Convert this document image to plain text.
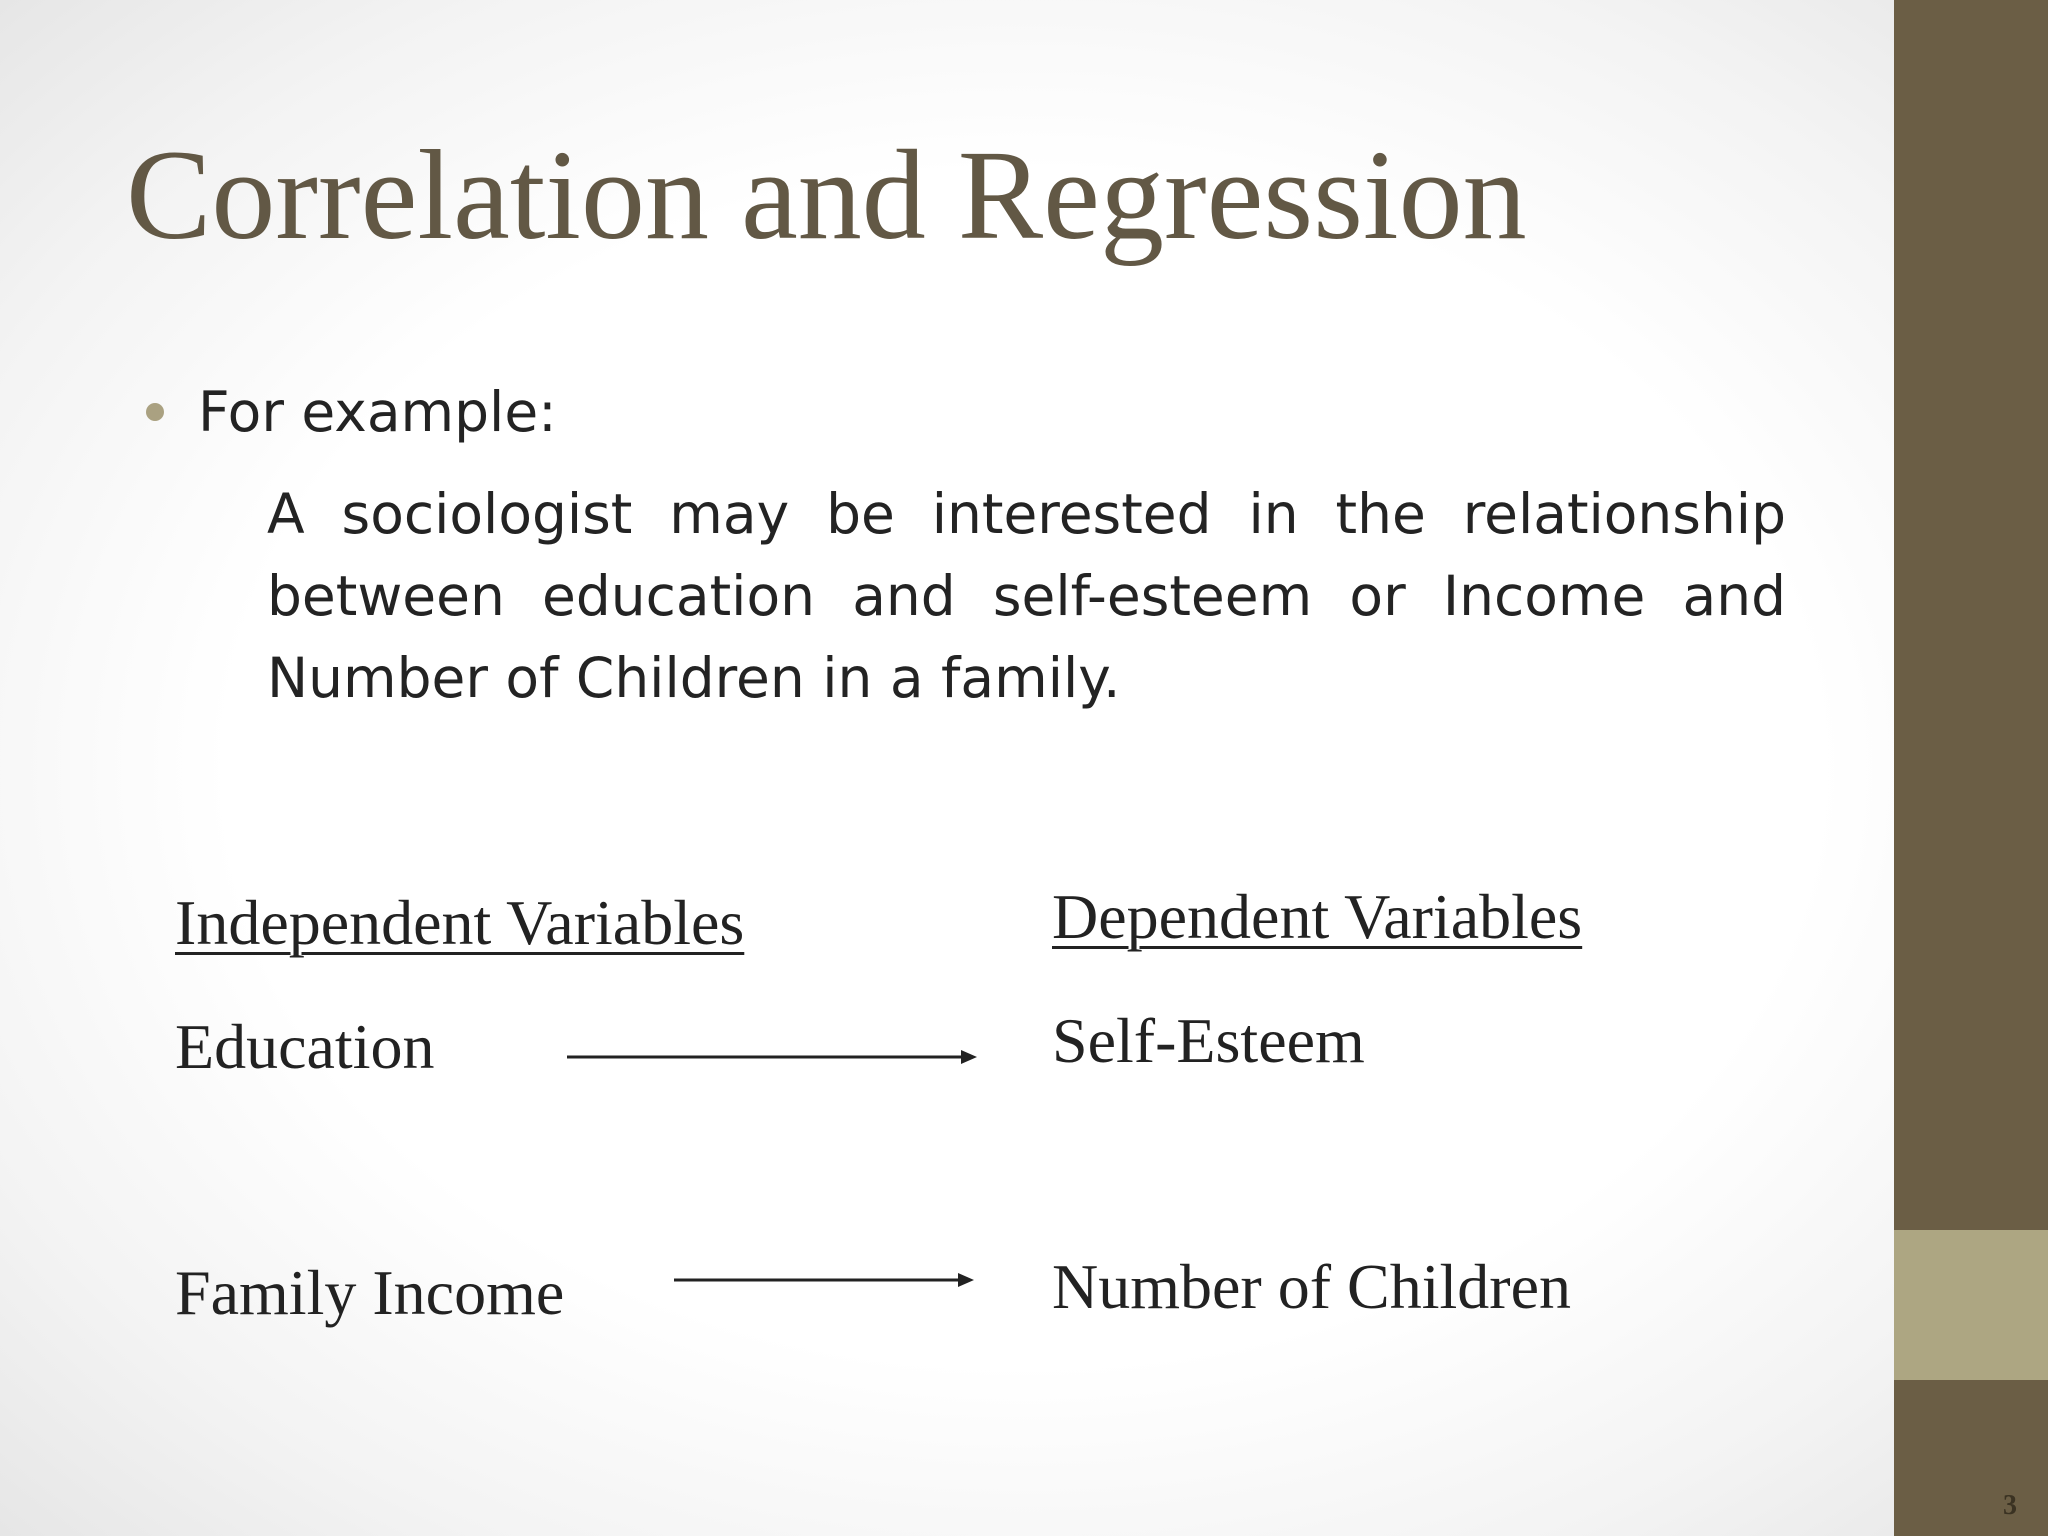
3
Correlation and Regression
For example:
A sociologist may be interested in the relationship between education and self-esteem or Income and Number of Children in a family.
Independent Variables	Dependent Variables
Education	Self-Esteem
Family Income	Number of Children
